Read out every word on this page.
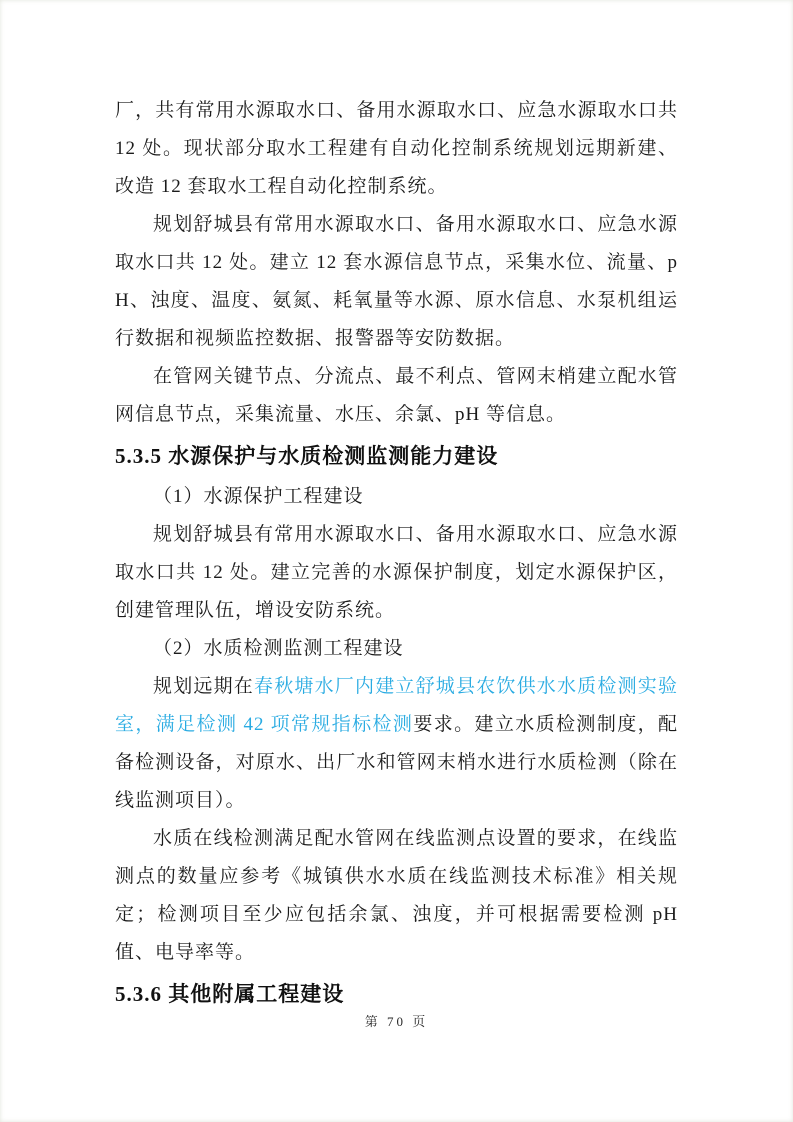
厂，共有常用水源取水口、备用水源取水口、应急水源取水口共 12 处。现状部分取水工程建有自动化控制系统规划远期新建、改造 12 套取水工程自动化控制系统。

规划舒城县有常用水源取水口、备用水源取水口、应急水源取水口共 12 处。建立 12 套水源信息节点，采集水位、流量、pH、浊度、温度、氨氮、耗氧量等水源、原水信息、水泵机组运行数据和视频监控数据、报警器等安防数据。

在管网关键节点、分流点、最不利点、管网末梢建立配水管网信息节点，采集流量、水压、余氯、pH 等信息。

5.3.5 水源保护与水质检测监测能力建设

（1）水源保护工程建设

规划舒城县有常用水源取水口、备用水源取水口、应急水源取水口共 12 处。建立完善的水源保护制度，划定水源保护区，创建管理队伍，增设安防系统。

（2）水质检测监测工程建设

规划远期在春秋塘水厂内建立舒城县农饮供水水质检测实验室，满足检测 42 项常规指标检测要求。建立水质检测制度，配备检测设备，对原水、出厂水和管网末梢水进行水质检测（除在线监测项目）。

水质在线检测满足配水管网在线监测点设置的要求，在线监测点的数量应参考《城镇供水水质在线监测技术标准》相关规定；检测项目至少应包括余氯、浊度，并可根据需要检测 pH 值、电导率等。

5.3.6 其他附属工程建设
第 70 页
